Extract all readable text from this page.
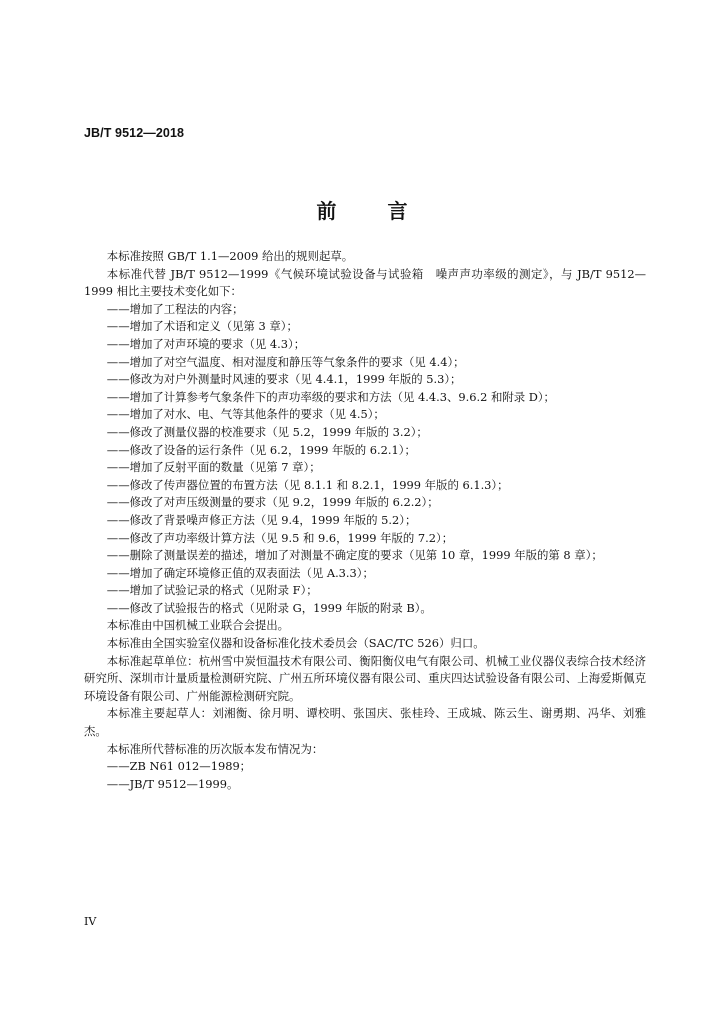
JB/T 9512—2018
前 言

本标准按照 GB/T 1.1—2009 给出的规则起草。

本标准代替 JB/T 9512—1999《气候环境试验设备与试验箱　噪声声功率级的测定》，与 JB/T 9512—1999 相比主要技术变化如下：

——增加了工程法的内容；

——增加了术语和定义（见第 3 章）；

——增加了对声环境的要求（见 4.3）；

——增加了对空气温度、相对湿度和静压等气象条件的要求（见 4.4）；

——修改为对户外测量时风速的要求（见 4.4.1，1999 年版的 5.3）；

——增加了计算参考气象条件下的声功率级的要求和方法（见 4.4.3、9.6.2 和附录 D）；

——增加了对水、电、气等其他条件的要求（见 4.5）；

——修改了测量仪器的校准要求（见 5.2，1999 年版的 3.2）；

——修改了设备的运行条件（见 6.2，1999 年版的 6.2.1）；

——增加了反射平面的数量（见第 7 章）；

——修改了传声器位置的布置方法（见 8.1.1 和 8.2.1，1999 年版的 6.1.3）；

——修改了对声压级测量的要求（见 9.2，1999 年版的 6.2.2）；

——修改了背景噪声修正方法（见 9.4，1999 年版的 5.2）；

——修改了声功率级计算方法（见 9.5 和 9.6，1999 年版的 7.2）；

——删除了测量误差的描述，增加了对测量不确定度的要求（见第 10 章，1999 年版的第 8 章）；

——增加了确定环境修正值的双表面法（见 A.3.3）；

——增加了试验记录的格式（见附录 F）；

——修改了试验报告的格式（见附录 G，1999 年版的附录 B）。

本标准由中国机械工业联合会提出。

本标准由全国实验室仪器和设备标准化技术委员会（SAC/TC 526）归口。

本标准起草单位：杭州雪中炭恒温技术有限公司、衡阳衡仪电气有限公司、机械工业仪器仪表综合技术经济研究所、深圳市计量质量检测研究院、广州五所环境仪器有限公司、重庆四达试验设备有限公司、上海爱斯佩克环境设备有限公司、广州能源检测研究院。

本标准主要起草人：刘湘衡、徐月明、谭校明、张国庆、张桂玲、王成城、陈云生、谢勇期、冯华、刘雅杰。

本标准所代替标准的历次版本发布情况为：

——ZB N61 012—1989；

——JB/T 9512—1999。

IV
